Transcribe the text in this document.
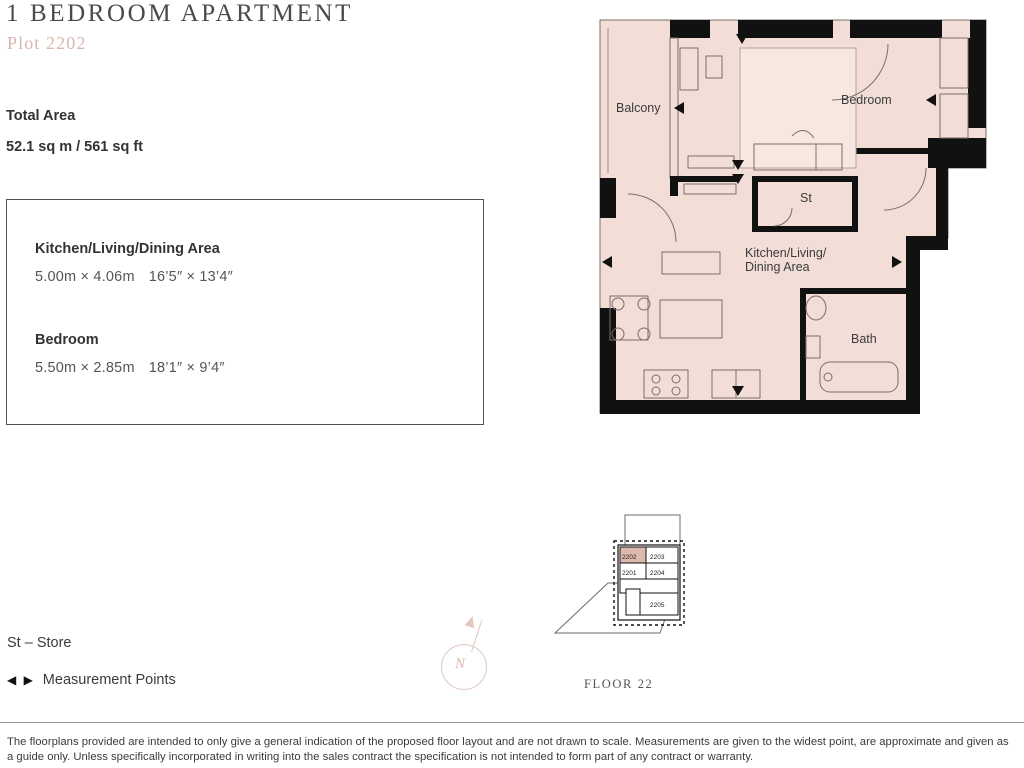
1 BEDROOM APARTMENT
Plot 2202
Total Area
52.1 sq m / 561 sq ft
Kitchen/Living/Dining Area
5.00m × 4.06m 16’5″ × 13’4″
Bedroom
5.50m × 2.85m 18’1″ × 9’4″
St – Store
◀ ▶ Measurement Points
N
2202 2203
2201 2204
2205
FLOOR 22
Balcony
Bedroom
St
Kitchen/Living/
Dining Area
Bath
The floorplans provided are intended to only give a general indication of the proposed floor layout and are not drawn to scale. Measurements are given to the widest point, are approximate and given as a guide only. Unless specifically incorporated in writing into the sales contract the specification is not intended to form part of any contract or warranty.
